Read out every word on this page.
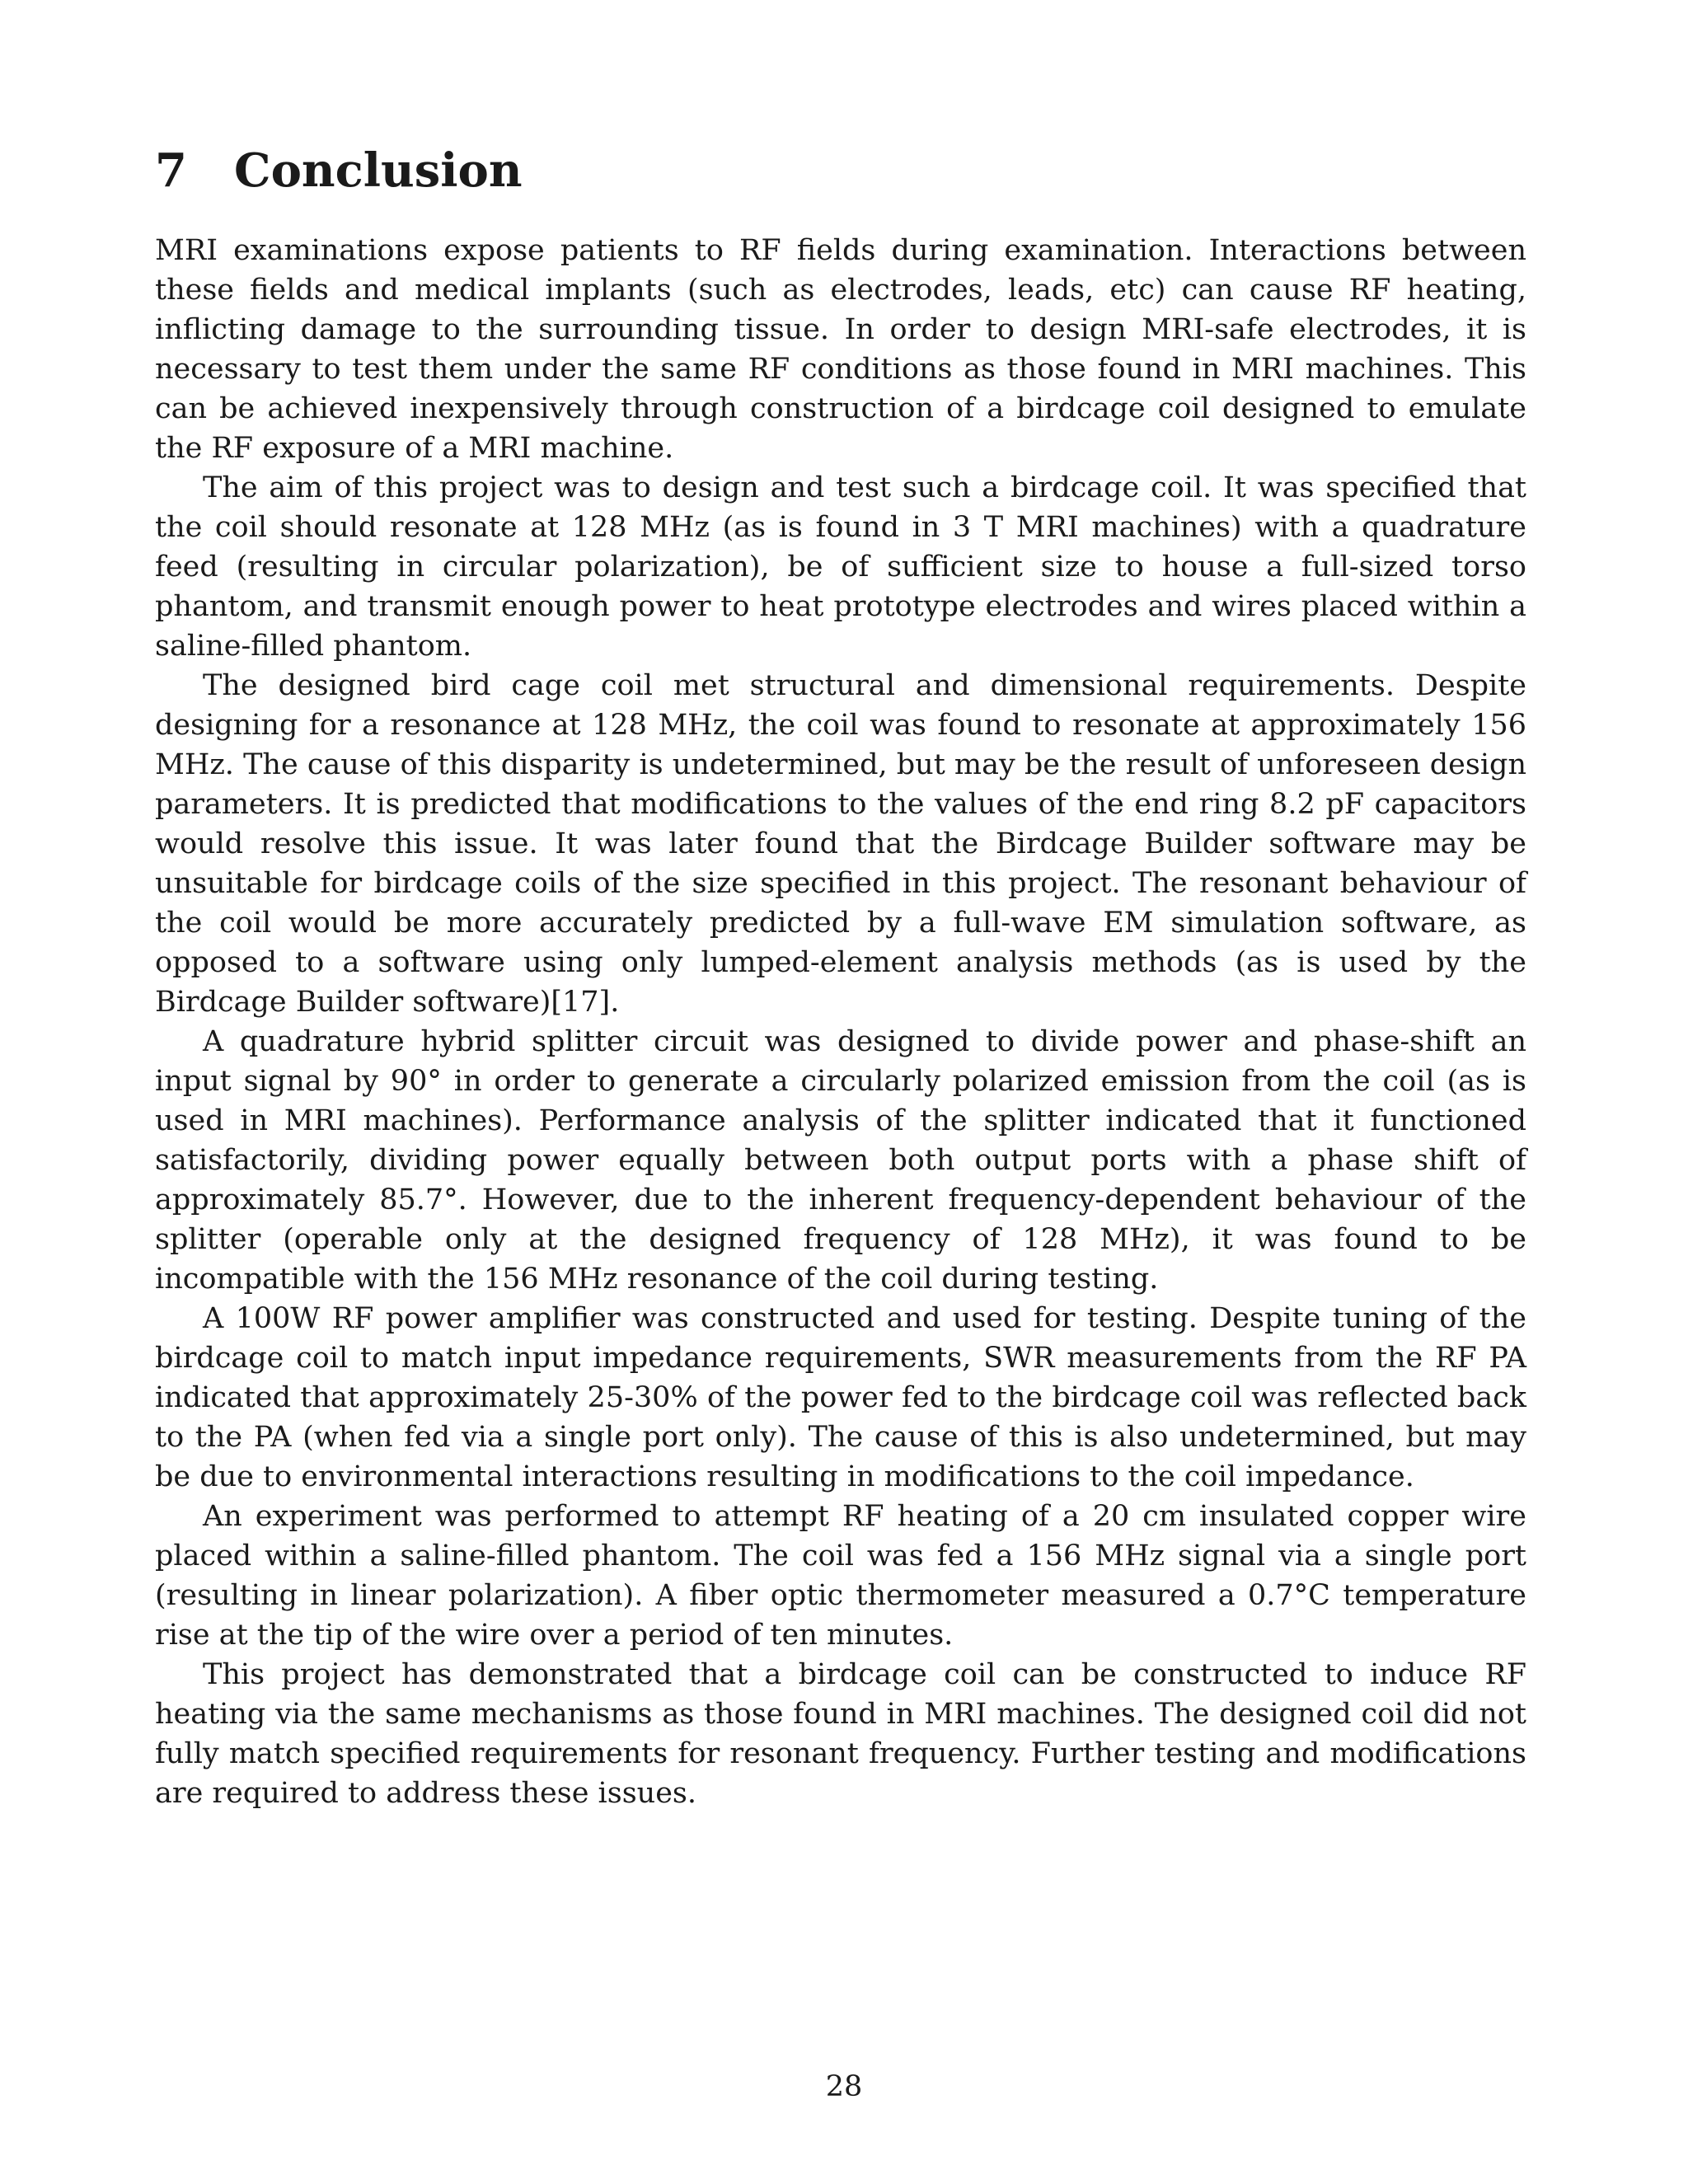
7 Conclusion

MRI examinations expose patients to RF fields during examination. Interactions between these fields and medical implants (such as electrodes, leads, etc) can cause RF heating, inflicting damage to the surrounding tissue. In order to design MRI-safe electrodes, it is necessary to test them under the same RF conditions as those found in MRI machines. This can be achieved inexpensively through construction of a birdcage coil designed to emulate the RF exposure of a MRI machine.

The aim of this project was to design and test such a birdcage coil. It was specified that the coil should resonate at 128 MHz (as is found in 3 T MRI machines) with a quadrature feed (resulting in circular polarization), be of sufficient size to house a full-sized torso phantom, and transmit enough power to heat prototype electrodes and wires placed within a saline-filled phantom.

The designed bird cage coil met structural and dimensional requirements. Despite designing for a resonance at 128 MHz, the coil was found to resonate at approximately 156 MHz. The cause of this disparity is undetermined, but may be the result of unforeseen design parameters. It is predicted that modifications to the values of the end ring 8.2 pF capacitors would resolve this issue. It was later found that the Birdcage Builder software may be unsuitable for birdcage coils of the size specified in this project. The resonant behaviour of the coil would be more accurately predicted by a full-wave EM simulation software, as opposed to a software using only lumped-element analysis methods (as is used by the Birdcage Builder software)[17].

A quadrature hybrid splitter circuit was designed to divide power and phase-shift an input signal by 90° in order to generate a circularly polarized emission from the coil (as is used in MRI machines). Performance analysis of the splitter indicated that it functioned satisfactorily, dividing power equally between both output ports with a phase shift of approximately 85.7°. However, due to the inherent frequency-dependent behaviour of the splitter (operable only at the designed frequency of 128 MHz), it was found to be incompatible with the 156 MHz resonance of the coil during testing.

A 100W RF power amplifier was constructed and used for testing. Despite tuning of the birdcage coil to match input impedance requirements, SWR measurements from the RF PA indicated that approximately 25-30% of the power fed to the birdcage coil was reflected back to the PA (when fed via a single port only). The cause of this is also undetermined, but may be due to environmental interactions resulting in modifications to the coil impedance.

An experiment was performed to attempt RF heating of a 20 cm insulated copper wire placed within a saline-filled phantom. The coil was fed a 156 MHz signal via a single port (resulting in linear polarization). A fiber optic thermometer measured a 0.7°C temperature rise at the tip of the wire over a period of ten minutes.

This project has demonstrated that a birdcage coil can be constructed to induce RF heating via the same mechanisms as those found in MRI machines. The designed coil did not fully match specified requirements for resonant frequency. Further testing and modifications are required to address these issues.

28
